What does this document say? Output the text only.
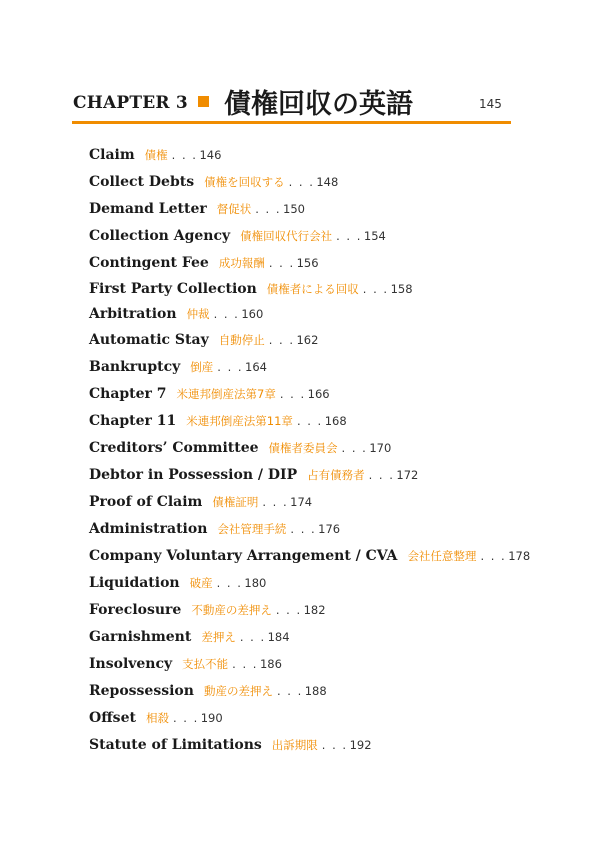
CHAPTER 3 債権回収の英語	145
Claim 債権 . . . 146
Collect Debts 債権を回収する . . . 148
Demand Letter 督促状 . . . 150
Collection Agency 債権回収代行会社 . . . 154
Contingent Fee 成功報酬 . . . 156
First Party Collection 債権者による回収 . . . 158
Arbitration 仲裁 . . . 160
Automatic Stay 自動停止 . . . 162
Bankruptcy 倒産 . . . 164
Chapter 7 米連邦倒産法第7章 . . . 166
Chapter 11 米連邦倒産法第11章 . . . 168
Creditors’ Committee 債権者委員会 . . . 170
Debtor in Possession / DIP 占有債務者 . . . 172
Proof of Claim 債権証明 . . . 174
Administration 会社管理手続 . . . 176
Company Voluntary Arrangement / CVA 会社任意整理 . . . 178
Liquidation 破産 . . . 180
Foreclosure 不動産の差押え . . . 182
Garnishment 差押え . . . 184
Insolvency 支払不能 . . . 186
Repossession 動産の差押え . . . 188
Offset 相殺 . . . 190
Statute of Limitations 出訴期限 . . . 192
